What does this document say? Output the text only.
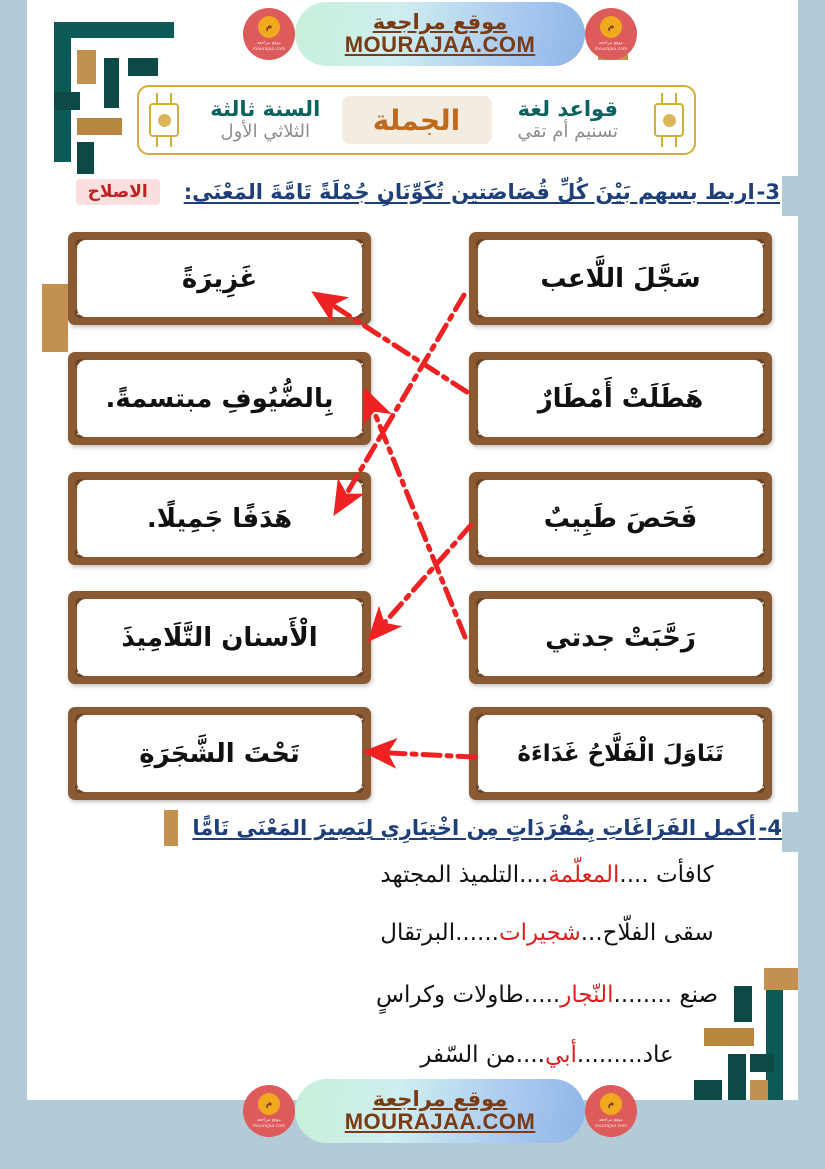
م
موقع مراجعة mourajaa.com
موقع مراجعة
MOURAJAA.COM
م
موقع مراجعة mourajaa.com
قواعد لغة
تسنيم أم تقي
الجملة
السنة ثالثة
الثلاثي الأول
3-
اربط بسهم بَيْنَ كُلِّ قُصَاصَتين تُكَوِّنَانِ جُمْلَةً تَامَّةَ المَعْنَى:
الاصلاح
سَجَّلَ اللَّاعب
هَطَلَتْ أَمْطَارٌ
فَحَصَ طَبِيبٌ
رَحَّبَتْ جدتي
تَنَاوَلَ الْفَلَّاحُ غَدَاءَهُ
غَزِيرَةً
بِالضُّيُوفِ مبتسمةً.
هَدَفًا جَمِيلًا.
الْأَسنان التَّلَامِيذَ
تَحْتَ الشَّجَرَةِ
4-
أكمل الفَرَاغَاتِ بِمُفْرَدَاتٍ مِن اخْتِيَارِي لِيَصِيرَ المَعْنَى تَامًّا
كافأت ....المعلّمة....التلميذ المجتهد
سقى الفلّاح...شجيرات......البرتقال
صنع ........النّجار.....طاولات وكراسٍ
عاد.........أبي....من السّفر
م
موقع مراجعة mourajaa.com
موقع مراجعة
MOURAJAA.COM
م
موقع مراجعة mourajaa.com
